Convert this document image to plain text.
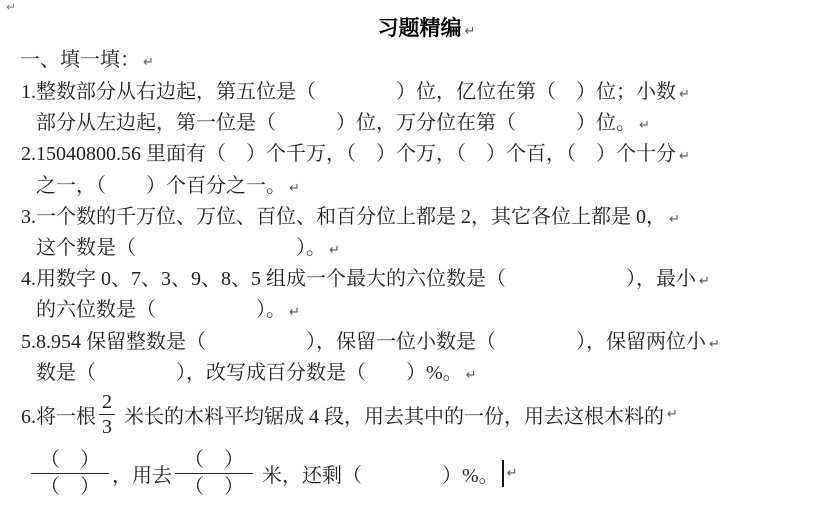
↵
习题精编 ↵
一、填一填： ↵
1.整数部分从右边起，第五位是（　　　　）位，亿位在第（　）位；小数 ↵
部分从左边起，第一位是（　　　）位，万分位在第（　　　）位。 ↵
2.15040800.56 里面有（　）个千万，（　）个万，（　）个百，（　）个十分 ↵
之一，（　　）个百分之一。 ↵
3.一个数的千万位、万位、百位、和百分位上都是 2，其它各位上都是 0， ↵
这个数是（　　　　　　　　）。 ↵
4.用数字 0、7、3、9、8、5 组成一个最大的六位数是（　　　　　　），最小 ↵
的六位数是（　　　　　）。 ↵
5.8.954 保留整数是（　　　　　），保留一位小数是（　　　　），保留两位小 ↵
数是（　　　　），改写成百分数是（　　）%。 ↵
6.将一根 $\frac{2}{3}$ 米长的木料平均锯成 4 段，用去其中的一份，用去这根木料的 ↵
$\frac{( )}{( )}$ ，用去 $\frac{( )}{( )}$ 米，还剩（　　　　）%。 ↵
